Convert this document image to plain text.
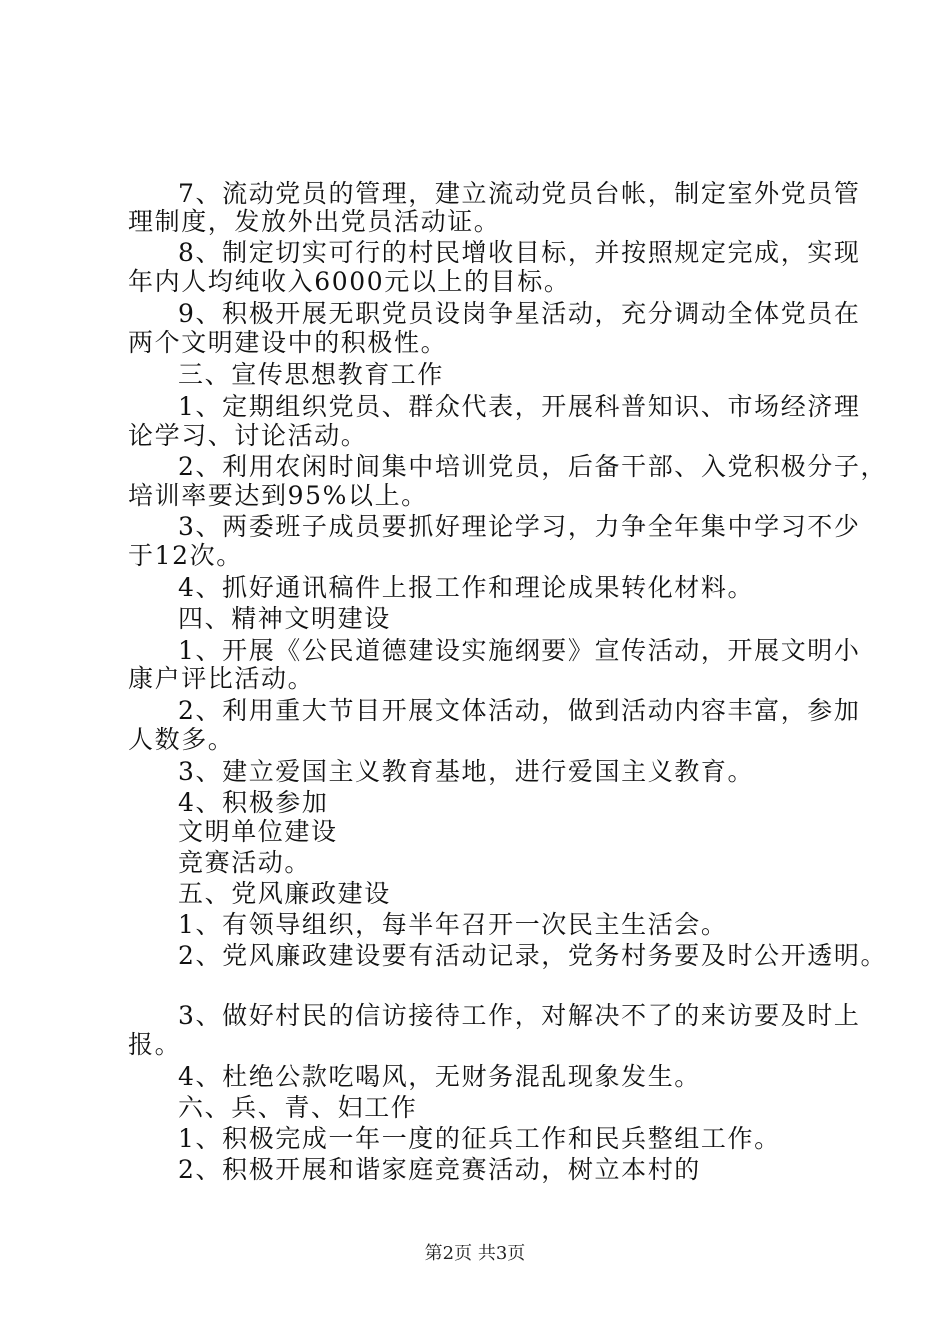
7、流动党员的管理，建立流动党员台帐，制定室外党员管
理制度，发放外出党员活动证。
8、制定切实可行的村民增收目标，并按照规定完成，实现
年内人均纯收入6000元以上的目标。
9、积极开展无职党员设岗争星活动，充分调动全体党员在
两个文明建设中的积极性。
三、宣传思想教育工作
1、定期组织党员、群众代表，开展科普知识、市场经济理
论学习、讨论活动。
2、利用农闲时间集中培训党员，后备干部、入党积极分子，
培训率要达到95%以上。
3、两委班子成员要抓好理论学习，力争全年集中学习不少
于12次。
4、抓好通讯稿件上报工作和理论成果转化材料。
四、精神文明建设
1、开展《公民道德建设实施纲要》宣传活动，开展文明小
康户评比活动。
2、利用重大节目开展文体活动，做到活动内容丰富，参加
人数多。
3、建立爱国主义教育基地，进行爱国主义教育。
4、积极参加
文明单位建设
竞赛活动。
五、党风廉政建设
1、有领导组织，每半年召开一次民主生活会。
2、党风廉政建设要有活动记录，党务村务要及时公开透明。
3、做好村民的信访接待工作，对解决不了的来访要及时上
报。
4、杜绝公款吃喝风，无财务混乱现象发生。
六、兵、青、妇工作
1、积极完成一年一度的征兵工作和民兵整组工作。
2、积极开展和谐家庭竞赛活动，树立本村的
第2页 共3页
